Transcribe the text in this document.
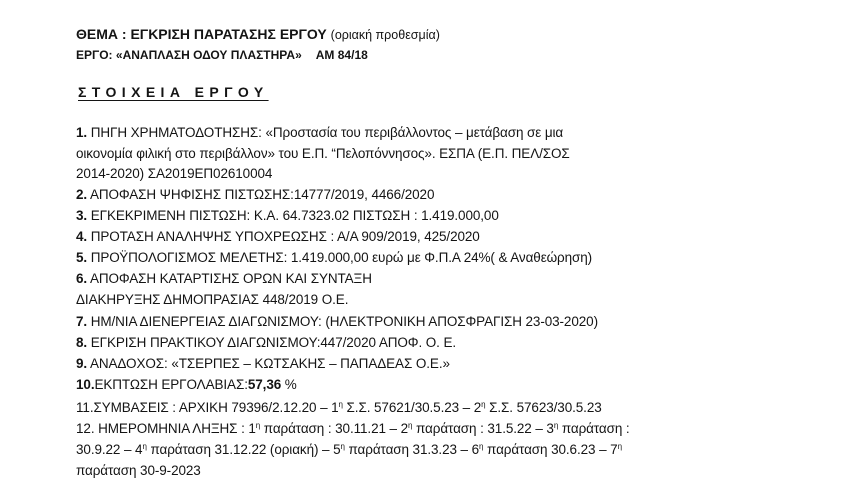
ΘΕΜΑ : ΕΓΚΡΙΣΗ ΠΑΡΑΤΑΣΗΣ ΕΡΓΟΥ (οριακή προθεσμία)
ΕΡΓΟ: «ΑΝΑΠΛΑΣΗ ΟΔΟΥ ΠΛΑΣΤΗΡΑ» ΑΜ 84/18
ΣΤΟΙΧΕΙΑ ΕΡΓΟΥ
1. ΠΗΓΗ ΧΡΗΜΑΤΟΔΟΤΗΣΗΣ: «Προστασία του περιβάλλοντος – μετάβαση σε μια
οικονομία φιλική στο περιβάλλον» του Ε.Π. “Πελοπόννησος». ΕΣΠΑ (Ε.Π. ΠΕΛ/ΣΟΣ
2014-2020) ΣΑ2019ΕΠ02610004
2. ΑΠΟΦΑΣΗ ΨΗΦΙΣΗΣ ΠΙΣΤΩΣΗΣ:14777/2019, 4466/2020
3. ΕΓΚΕΚΡΙΜΕΝΗ ΠΙΣΤΩΣΗ: Κ.Α. 64.7323.02 ΠΙΣΤΩΣΗ : 1.419.000,00
4. ΠΡΟΤΑΣΗ ΑΝΑΛΗΨΗΣ ΥΠΟΧΡΕΩΣΗΣ : Α/Α 909/2019, 425/2020
5. ΠΡΟΫΠΟΛΟΓΙΣΜΟΣ ΜΕΛΕΤΗΣ: 1.419.000,00 ευρώ με Φ.Π.Α 24%( & Αναθεώρηση)
6. ΑΠΟΦΑΣΗ ΚΑΤΑΡΤΙΣΗΣ ΟΡΩΝ ΚΑΙ ΣΥΝΤΑΞΗ
ΔΙΑΚΗΡΥΞΗΣ ΔΗΜΟΠΡΑΣΙΑΣ 448/2019 Ο.Ε.
7. ΗΜ/ΝΙΑ ΔΙΕΝΕΡΓΕΙΑΣ ΔΙΑΓΩΝΙΣΜΟΥ: (ΗΛΕΚΤΡΟΝΙΚΗ ΑΠΟΣΦΡΑΓΙΣΗ 23-03-2020)
8. ΕΓΚΡΙΣΗ ΠΡΑΚΤΙΚΟΥ ΔΙΑΓΩΝΙΣΜΟΥ:447/2020 ΑΠΟΦ. Ο. Ε.
9. ΑΝΑΔΟΧΟΣ: «ΤΣΕΡΠΕΣ – ΚΩΤΣΑΚΗΣ – ΠΑΠΑΔΕΑΣ Ο.Ε.»
10.ΕΚΠΤΩΣΗ ΕΡΓΟΛΑΒΙΑΣ:57,36 %
11.ΣΥΜΒΑΣΕΙΣ : ΑΡΧΙΚΗ $79396/2.12.20 - 1^\eta$ Σ.Σ. $57621/30.5.23 - 2^\eta$ Σ.Σ. 57623/30.5.23
12. ΗΜΕΡΟΜΗΝΙΑ ΛΗΞΗΣ : $1^\eta$ παράταση : $30.11.21 - 2^\eta$ παράταση : $31.5.22 - 3^\eta$ παράταση :
$30.9.22 - 4^\eta$ παράταση 31.12.22 $(o\rho\iota\alpha\kappa ή) - 5^\eta$ παράταση $31.3.23 - 6^\eta$ παράταση $30.6.23 - 7^\eta$
παράταση 30-9-2023
